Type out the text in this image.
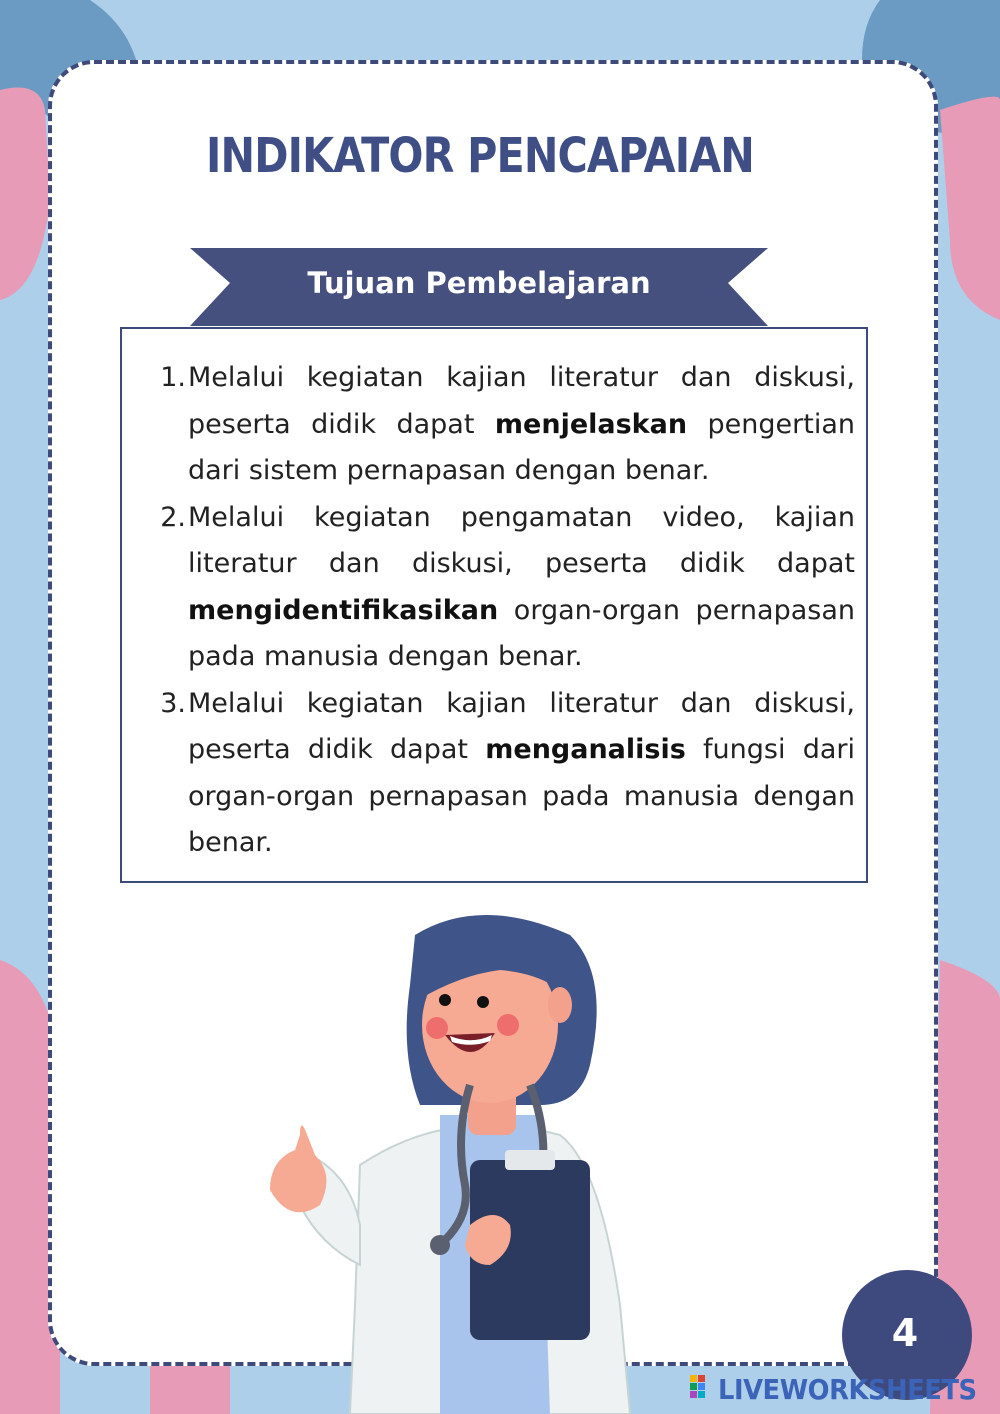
INDIKATOR PENCAPAIAN
Tujuan Pembelajaran
1. Melalui kegiatan kajian literatur dan diskusi, peserta didik dapat menjelaskan pengertian dari sistem pernapasan dengan benar.
2. Melalui kegiatan pengamatan video, kajian literatur dan diskusi, peserta didik dapat mengidentifikasikan organ-organ pernapasan pada manusia dengan benar.
3. Melalui kegiatan kajian literatur dan diskusi, peserta didik dapat menganalisis fungsi dari organ-organ pernapasan pada manusia dengan benar.
4
LIVEWORKSHEETS
